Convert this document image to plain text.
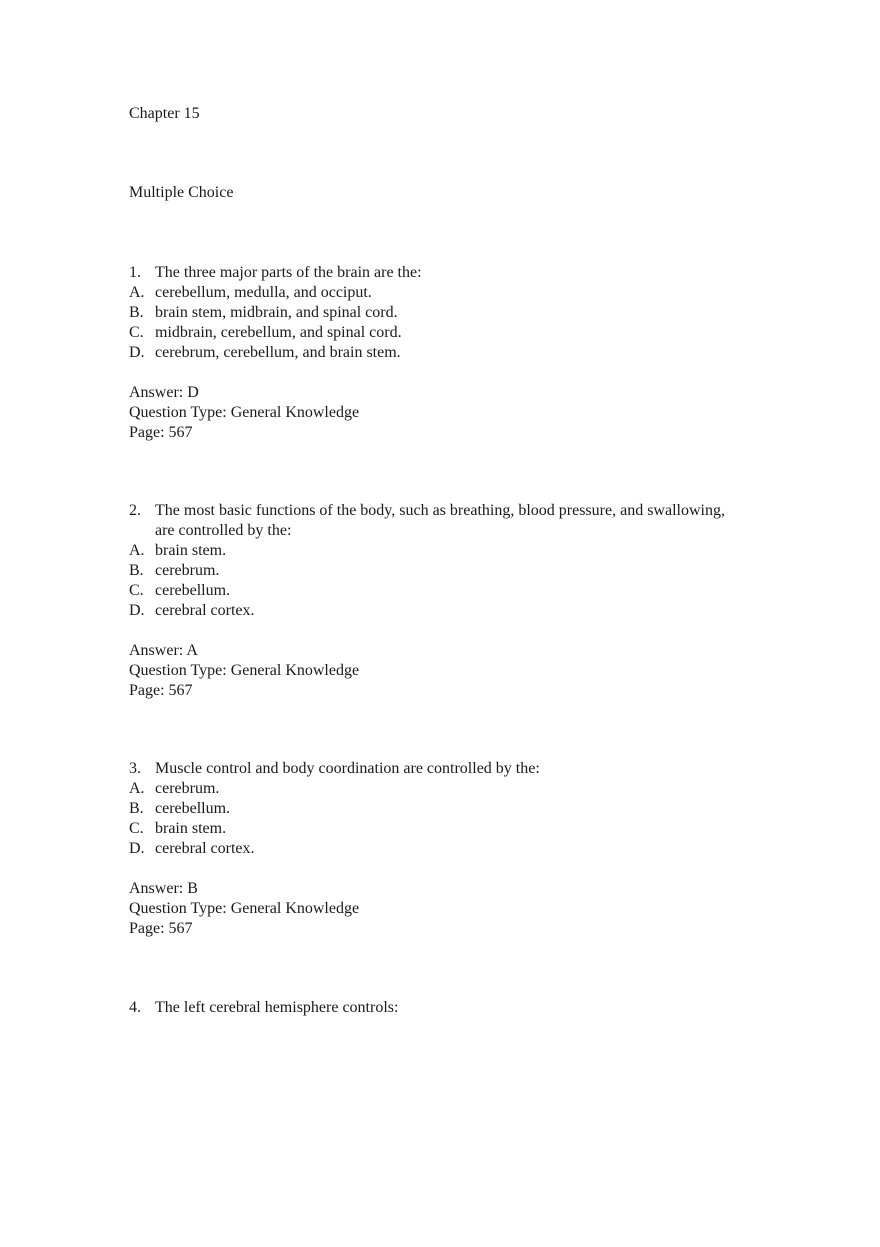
Chapter 15
Multiple Choice
1. The three major parts of the brain are the:
A. cerebellum, medulla, and occiput.
B. brain stem, midbrain, and spinal cord.
C. midbrain, cerebellum, and spinal cord.
D. cerebrum, cerebellum, and brain stem.
Answer: D
Question Type: General Knowledge
Page: 567
2. The most basic functions of the body, such as breathing, blood pressure, and swallowing, are controlled by the:
A. brain stem.
B. cerebrum.
C. cerebellum.
D. cerebral cortex.
Answer: A
Question Type: General Knowledge
Page: 567
3. Muscle control and body coordination are controlled by the:
A. cerebrum.
B. cerebellum.
C. brain stem.
D. cerebral cortex.
Answer: B
Question Type: General Knowledge
Page: 567
4. The left cerebral hemisphere controls:
